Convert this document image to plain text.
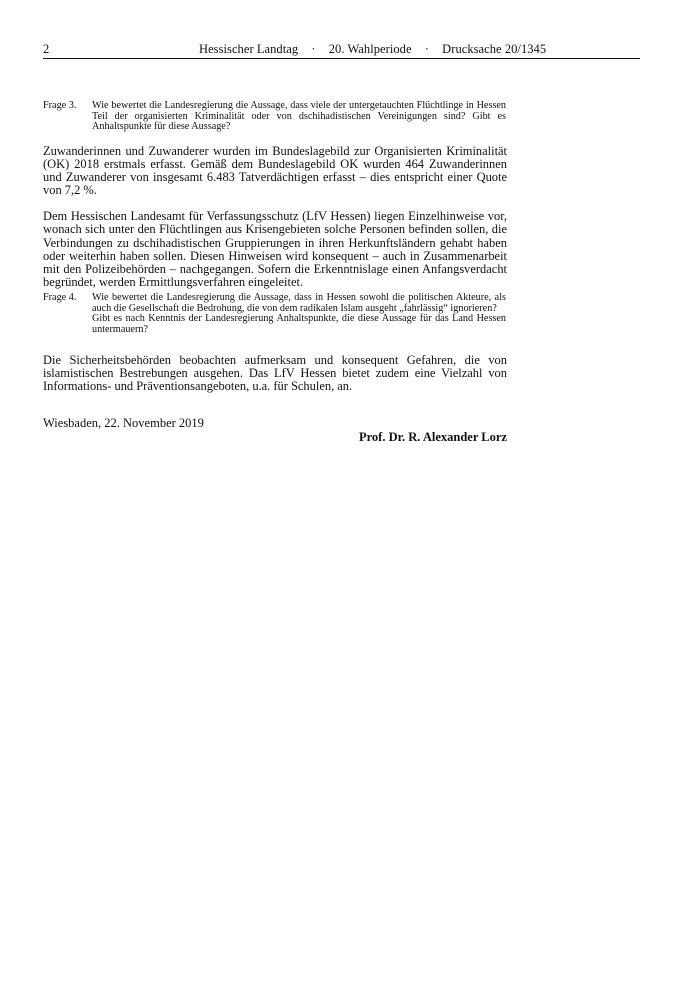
2	Hessischer Landtag · 20. Wahlperiode · Drucksache 20/1345
Frage 3.	Wie bewertet die Landesregierung die Aussage, dass viele der untergetauchten Flüchtlinge in Hessen Teil der organisierten Kriminalität oder von dschihadistischen Vereinigungen sind? Gibt es Anhaltspunkte für diese Aussage?

Zuwanderinnen und Zuwanderer wurden im Bundeslagebild zur Organisierten Kriminalität (OK) 2018 erstmals erfasst. Gemäß dem Bundeslagebild OK wurden 464 Zuwanderinnen und Zuwanderer von insgesamt 6.483 Tatverdächtigen erfasst – dies entspricht einer Quote von 7,2 %.

Dem Hessischen Landesamt für Verfassungsschutz (LfV Hessen) liegen Einzelhinweise vor, wonach sich unter den Flüchtlingen aus Krisengebieten solche Personen befinden sollen, die Verbindungen zu dschihadistischen Gruppierungen in ihren Herkunftsländern gehabt haben oder weiterhin haben sollen. Diesen Hinweisen wird konsequent – auch in Zusammenarbeit mit den Polizeibehörden – nachgegangen. Sofern die Erkenntnislage einen Anfangsverdacht begründet, werden Ermittlungsverfahren eingeleitet.

Frage 4.	Wie bewertet die Landesregierung die Aussage, dass in Hessen sowohl die politischen Akteure, als auch die Gesellschaft die Bedrohung, die von dem radikalen Islam ausgeht „fahrlässig“ ignorieren?
Gibt es nach Kenntnis der Landesregierung Anhaltspunkte, die diese Aussage für das Land Hessen untermauern?

Die Sicherheitsbehörden beobachten aufmerksam und konsequent Gefahren, die von islamistischen Bestrebungen ausgehen. Das LfV Hessen bietet zudem eine Vielzahl von Informations- und Präventionsangeboten, u.a. für Schulen, an.

Wiesbaden, 22. November 2019
Prof. Dr. R. Alexander Lorz
